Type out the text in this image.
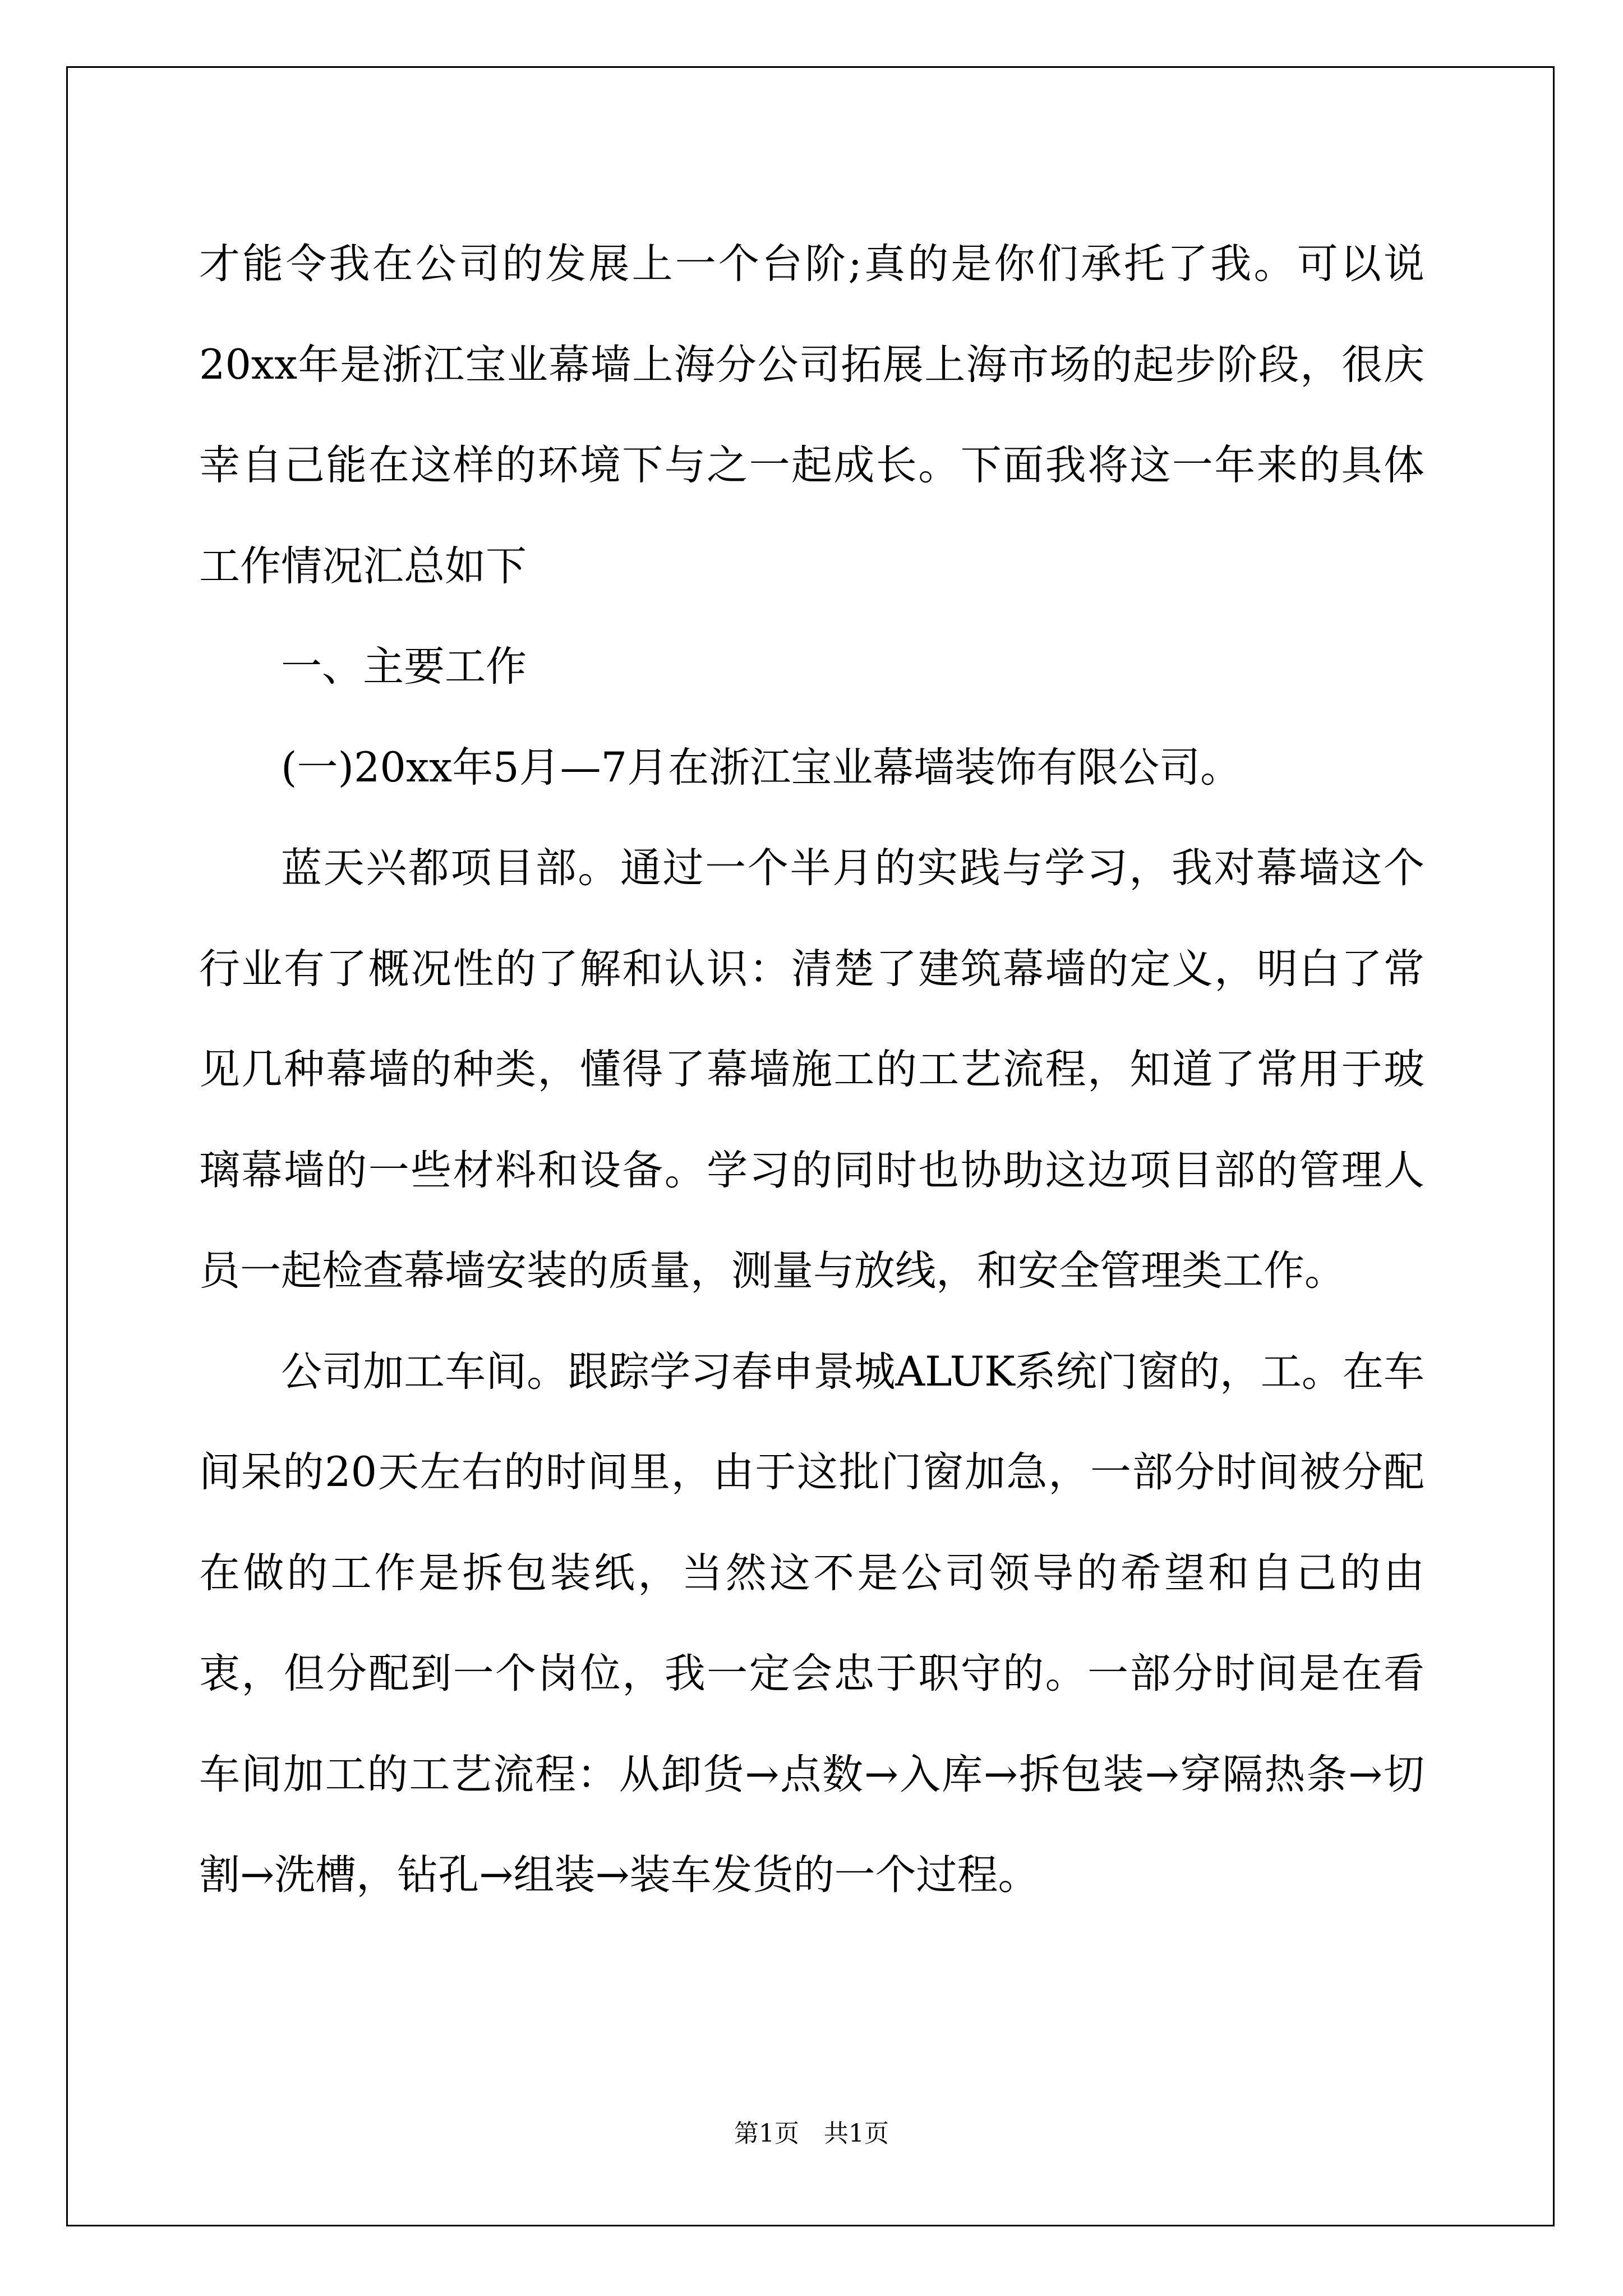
才能令我在公司的发展上一个台阶;真的是你们承托了我。可以说20xx年是浙江宝业幕墙上海分公司拓展上海市场的起步阶段，很庆幸自己能在这样的环境下与之一起成长。下面我将这一年来的具体工作情况汇总如下

一、主要工作

(一)20xx年5月—7月在浙江宝业幕墙装饰有限公司。

蓝天兴都项目部。通过一个半月的实践与学习，我对幕墙这个行业有了概况性的了解和认识：清楚了建筑幕墙的定义，明白了常见几种幕墙的种类，懂得了幕墙施工的工艺流程，知道了常用于玻璃幕墙的一些材料和设备。学习的同时也协助这边项目部的管理人员一起检查幕墙安装的质量，测量与放线，和安全管理类工作。

公司加工车间。跟踪学习春申景城ALUK系统门窗的，工。在车间呆的20天左右的时间里，由于这批门窗加急，一部分时间被分配在做的工作是拆包装纸，当然这不是公司领导的希望和自己的由衷，但分配到一个岗位，我一定会忠于职守的。一部分时间是在看车间加工的工艺流程：从卸货→点数→入库→拆包装→穿隔热条→切割→洗槽，钻孔→组装→装车发货的一个过程。

第1页　共1页
